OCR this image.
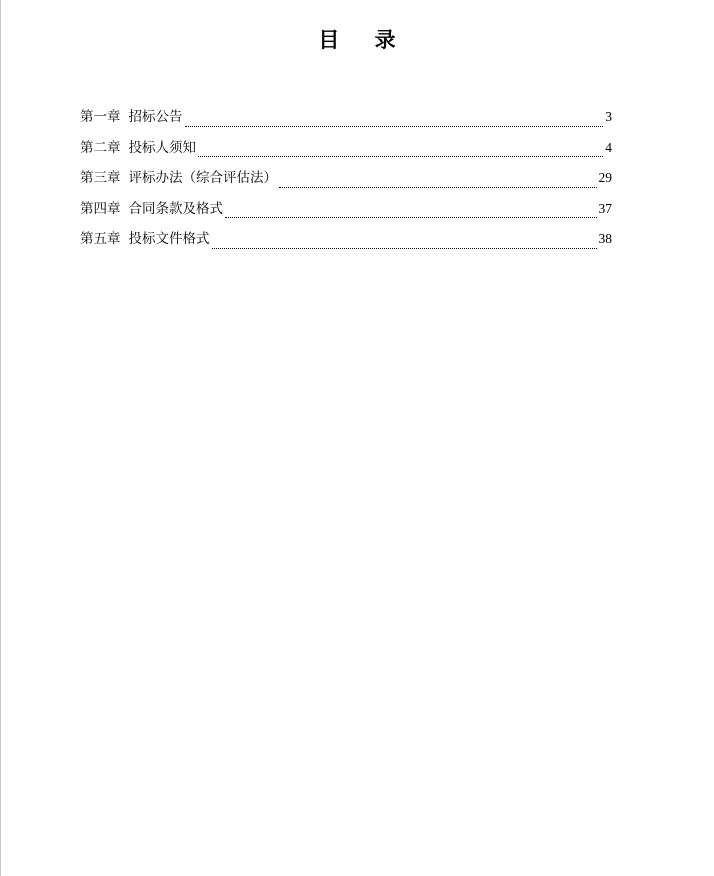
目 录
第一章 招标公告	3
第二章 投标人须知	4
第三章 评标办法（综合评估法）	29
第四章 合同条款及格式	37
第五章 投标文件格式	38
